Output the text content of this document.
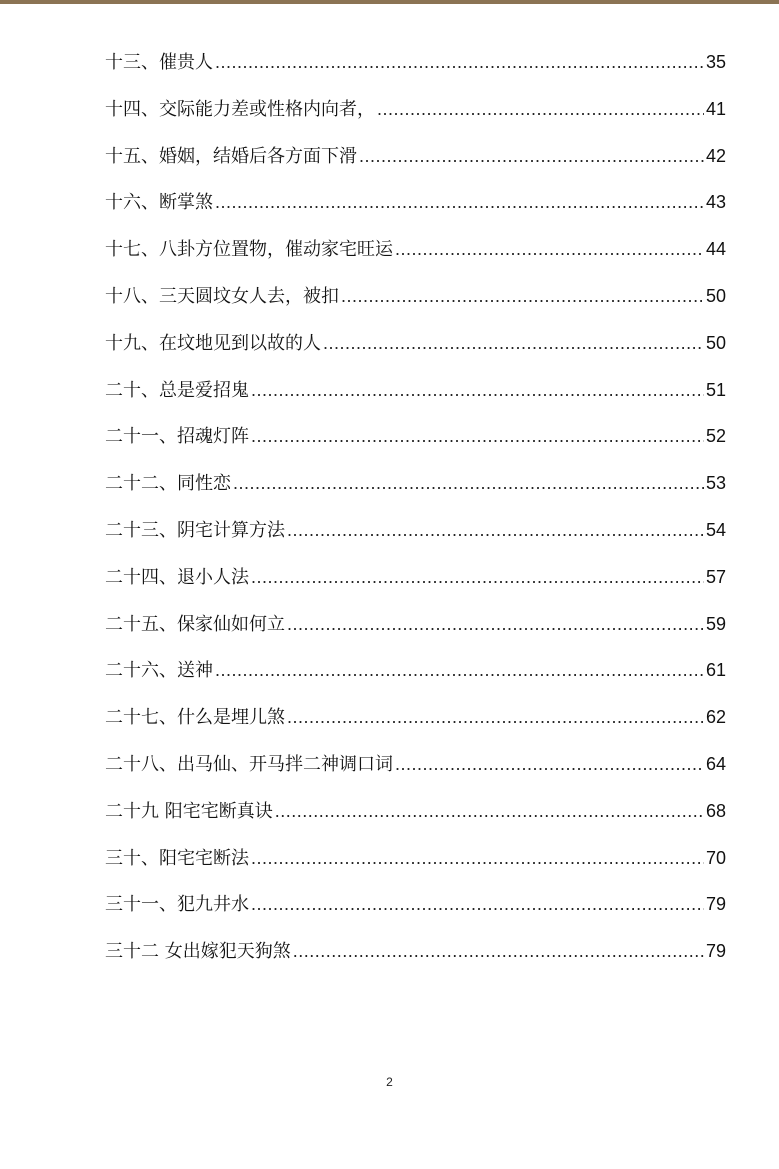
十三、催贵人 .....	35
十四、交际能力差或性格内向者， .....	41
十五、婚姻，结婚后各方面下滑 .....	42
十六、断掌煞 .....	43
十七、八卦方位置物，催动家宅旺运 .....	44
十八、三天圆坟女人去，被扣 .....	50
十九、在坟地见到以故的人 .....	50
二十、总是爱招鬼 .....	51
二十一、招魂灯阵 .....	52
二十二、同性恋 .....	53
二十三、阴宅计算方法 .....	54
二十四、退小人法 .....	57
二十五、保家仙如何立 .....	59
二十六、送神 .....	61
二十七、什么是埋儿煞 .....	62
二十八、出马仙、开马拌二神调口词 .....	64
二十九 阳宅宅断真诀 .....	68
三十、阳宅宅断法 .....	70
三十一、犯九井水 .....	79
三十二 女出嫁犯天狗煞 .....	79
2
